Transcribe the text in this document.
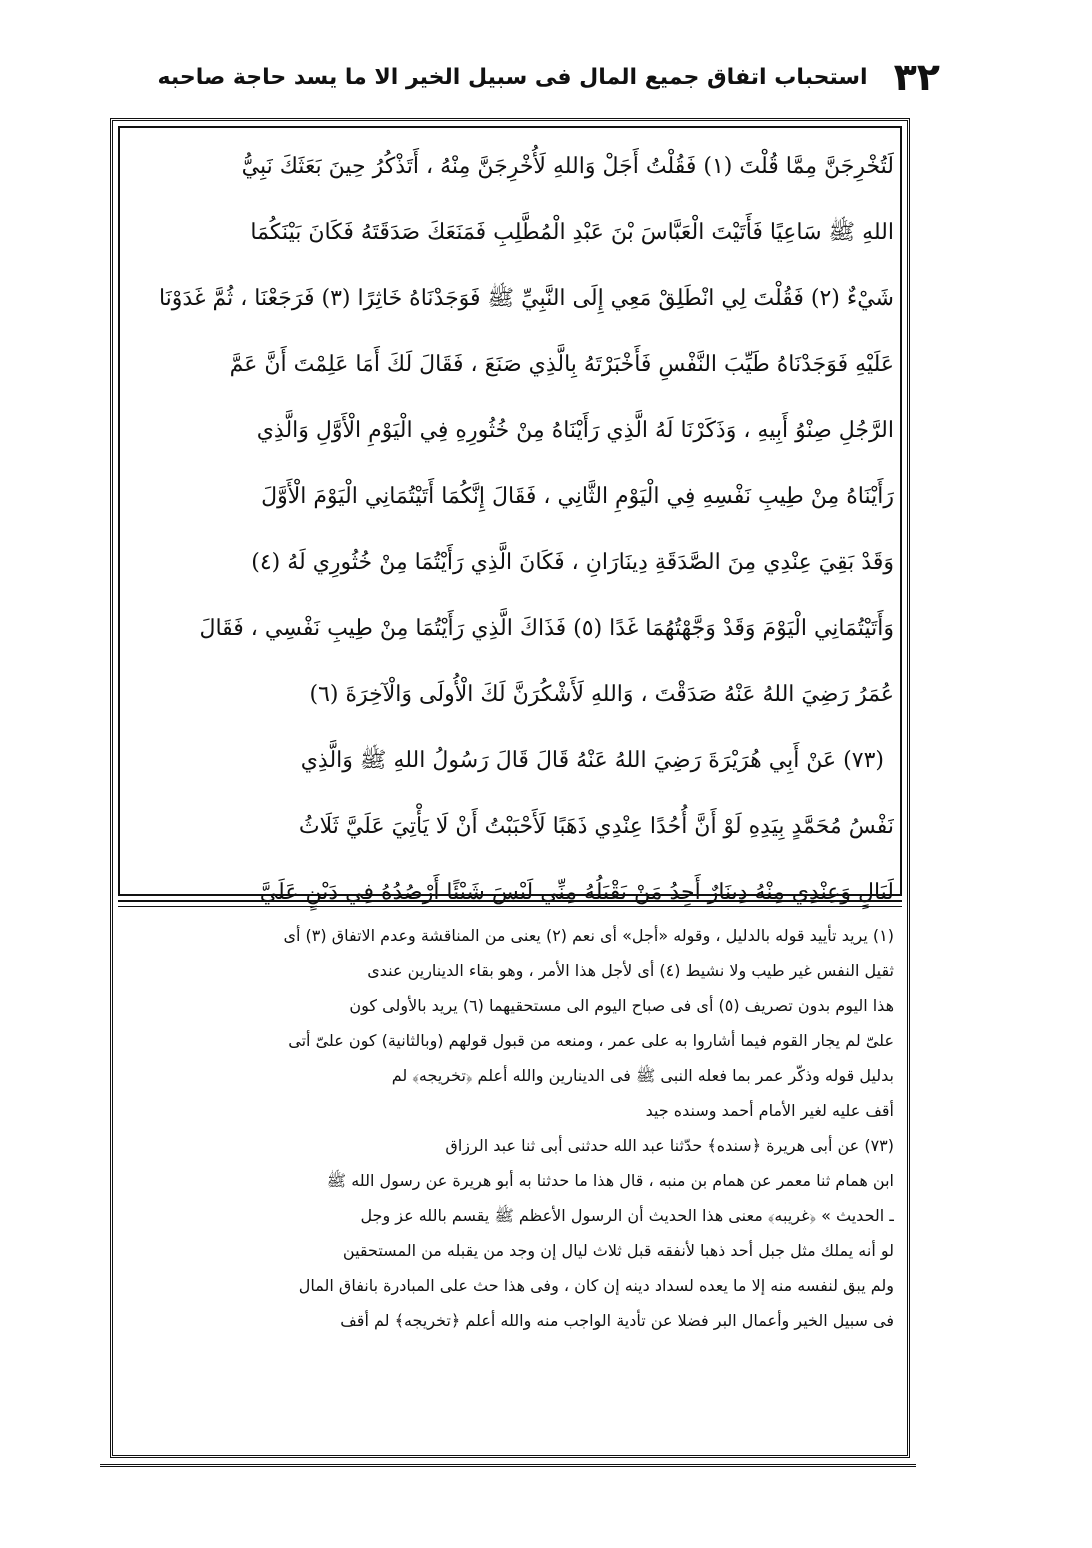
٣٢
استحباب اتفاق جميع المال فى سبيل الخير الا ما يسد حاجة صاحبه
لَتُخْرِجَنَّ مِمَّا قُلْتَ (١) فَقُلْتُ أَجَلْ وَاللهِ لَأُخْرِجَنَّ مِنْهُ ، أَتَذْكُرُ حِينَ بَعَثَكَ نَبِيُّ
اللهِ ﷺ سَاعِيًا فَأَتَيْتَ الْعَبَّاسَ بْنَ عَبْدِ الْمُطَّلِبِ فَمَنَعَكَ صَدَقَتَهُ فَكَانَ بَيْنَكُمَا
شَيْءٌ (٢) فَقُلْتَ لِي انْطَلِقْ مَعِي إِلَى النَّبِيِّ ﷺ فَوَجَدْنَاهُ خَاثِرًا (٣) فَرَجَعْنَا ، ثُمَّ غَدَوْنَا
عَلَيْهِ فَوَجَدْنَاهُ طَيِّبَ النَّفْسِ فَأَخْبَرْتَهُ بِالَّذِي صَنَعَ ، فَقَالَ لَكَ أَمَا عَلِمْتَ أَنَّ عَمَّ
الرَّجُلِ صِنْوُ أَبِيهِ ، وَذَكَرْنَا لَهُ الَّذِي رَأَيْنَاهُ مِنْ خُثُورِهِ فِي الْيَوْمِ الْأَوَّلِ وَالَّذِي
رَأَيْنَاهُ مِنْ طِيبِ نَفْسِهِ فِي الْيَوْمِ الثَّانِي ، فَقَالَ إِنَّكُمَا أَتَيْتُمَانِي الْيَوْمَ الْأَوَّلَ
وَقَدْ بَقِيَ عِنْدِي مِنَ الصَّدَقَةِ دِينَارَانِ ، فَكَانَ الَّذِي رَأَيْتُمَا مِنْ خُثُورِي لَهُ (٤)
وَأَتَيْتُمَانِي الْيَوْمَ وَقَدْ وَجَّهْتُهُمَا غَدًا (٥) فَذَاكَ الَّذِي رَأَيْتُمَا مِنْ طِيبِ نَفْسِي ، فَقَالَ
عُمَرُ رَضِيَ اللهُ عَنْهُ صَدَقْتَ ، وَاللهِ لَأَشْكُرَنَّ لَكَ الْأُولَى وَالْآخِرَةَ (٦)
(٧٣) عَنْ أَبِي هُرَيْرَةَ رَضِيَ اللهُ عَنْهُ قَالَ قَالَ رَسُولُ اللهِ ﷺ وَالَّذِي
نَفْسُ مُحَمَّدٍ بِيَدِهِ لَوْ أَنَّ أُحُدًا عِنْدِي ذَهَبًا لَأَحْبَبْتُ أَنْ لَا يَأْتِيَ عَلَيَّ ثَلَاثُ
لَيَالٍ وَعِنْدِي مِنْهُ دِينَارٌ أَجِدُ مَنْ يَقْبَلُهُ مِنِّي لَيْسَ شَيْئًا أَرْصُدُهُ فِي دَيْنٍ عَلَيَّ
(١) يريد تأييد قوله بالدليل ، وقوله «أجل» أى نعم (٢) يعنى من المناقشة وعدم الاتفاق (٣) أى
ثقيل النفس غير طيب ولا نشيط (٤) أى لأجل هذا الأمر ، وهو بقاء الدينارين عندى
هذا اليوم بدون تصريف (٥) أى فى صباح اليوم الى مستحقيهما (٦) يريد بالأولى كون
علىّ لم يجار القوم فيما أشاروا به على عمر ، ومنعه من قبول قولهم (وبالثانية) كون علىّ أتى
بدليل قوله وذكّر عمر بما فعله النبى ﷺ فى الدينارين والله أعلم ﴿تخريجه﴾ لم
أقف عليه لغير الأمام أحمد وسنده جيد
(٧٣) عن أبى هريرة ﴿سنده﴾ حدّثنا عبد الله حدثنى أبى ثنا عبد الرزاق
ابن همام ثنا معمر عن همام بن منبه ، قال هذا ما حدثنا به أبو هريرة عن رسول الله ﷺ
ـ الحديث » ﴿غريبه﴾ معنى هذا الحديث أن الرسول الأعظم ﷺ يقسم بالله عز وجل
لو أنه يملك مثل جبل أحد ذهبا لأنفقه قبل ثلاث ليال إن وجد من يقبله من المستحقين
ولم يبق لنفسه منه إلا ما يعده لسداد دينه إن كان ، وفى هذا حث على المبادرة بانفاق المال
فى سبيل الخير وأعمال البر فضلا عن تأدية الواجب منه والله أعلم ﴿تخريجه﴾ لم أقف
